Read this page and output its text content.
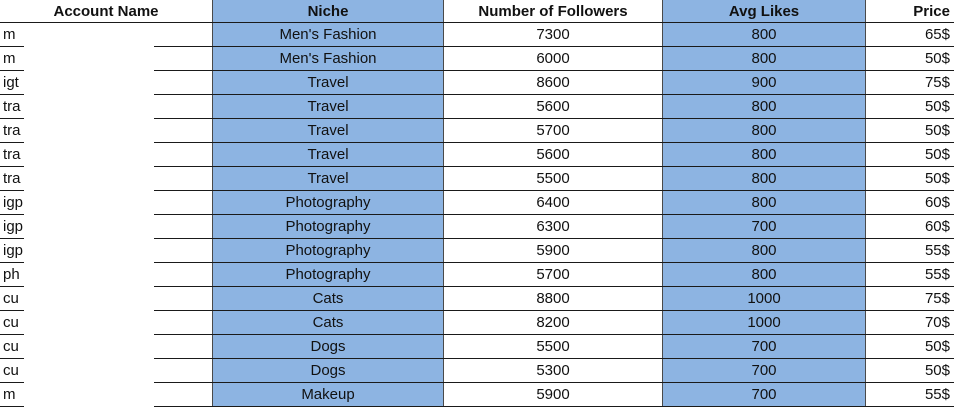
Account Name	Niche	Number of Followers	Avg Likes	Price
m	Men's Fashion	7300	800	65$
m	Men's Fashion	6000	800	50$
igt	Travel	8600	900	75$
tra	Travel	5600	800	50$
tra	Travel	5700	800	50$
tra	Travel	5600	800	50$
tra	Travel	5500	800	50$
igp	Photography	6400	800	60$
igp	Photography	6300	700	60$
igp	Photography	5900	800	55$
ph	Photography	5700	800	55$
cu	Cats	8800	1000	75$
cu	Cats	8200	1000	70$
cu	Dogs	5500	700	50$
cu	Dogs	5300	700	50$
m	Makeup	5900	700	55$
